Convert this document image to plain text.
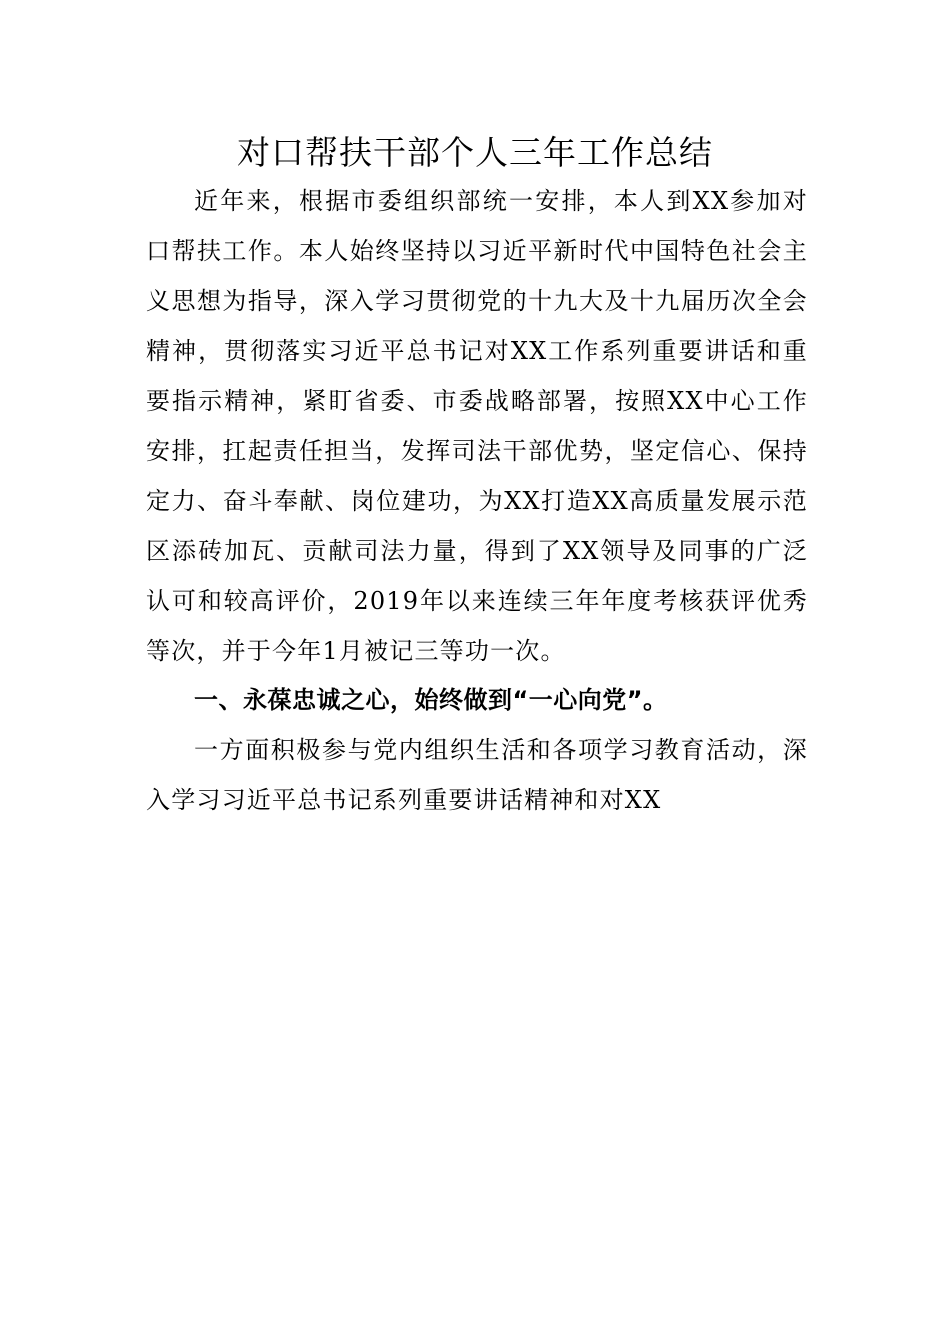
对口帮扶干部个人三年工作总结

近年来，根据市委组织部统一安排，本人到XX参加对口帮扶工作。本人始终坚持以习近平新时代中国特色社会主义思想为指导，深入学习贯彻党的十九大及十九届历次全会精神，贯彻落实习近平总书记对XX工作系列重要讲话和重要指示精神，紧盯省委、市委战略部署，按照XX中心工作安排，扛起责任担当，发挥司法干部优势，坚定信心、保持定力、奋斗奉献、岗位建功，为XX打造XX高质量发展示范区添砖加瓦、贡献司法力量，得到了XX领导及同事的广泛认可和较高评价，2019年以来连续三年年度考核获评优秀等次，并于今年1月被记三等功一次。

一、永葆忠诚之心，始终做到“一心向党”。

一方面积极参与党内组织生活和各项学习教育活动，深入学习习近平总书记系列重要讲话精神和对XX
